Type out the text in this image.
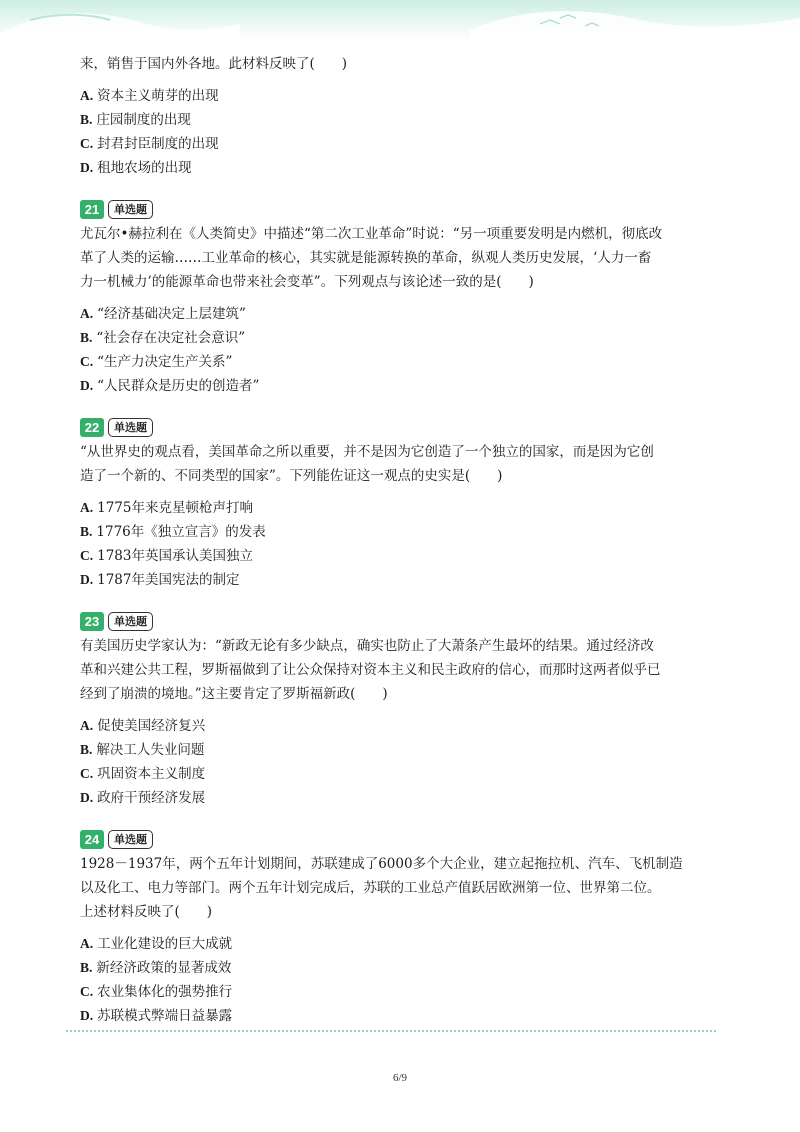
来，销售于国内外各地。此材料反映了(　　)

A. 资本主义萌芽的出现
B. 庄园制度的出现
C. 封君封臣制度的出现
D. 租地农场的出现
21	单选题

尤瓦尔•赫拉利在《人类简史》中描述“第二次工业革命”时说：“另一项重要发明是内燃机，彻底改

革了人类的运输……工业革命的核心，其实就是能源转换的革命，纵观人类历史发展，‘人力一畜

力一机械力’的能源革命也带来社会变革”。下列观点与该论述一致的是(　　)

A. “经济基础决定上层建筑”
B. “社会存在决定社会意识”
C. “生产力决定生产关系”
D. “人民群众是历史的创造者”
22	单选题

“从世界史的观点看，美国革命之所以重要，并不是因为它创造了一个独立的国家，而是因为它创

造了一个新的、不同类型的国家”。下列能佐证这一观点的史实是(　　)

A. 1775年来克星顿枪声打响
B. 1776年《独立宣言》的发表
C. 1783年英国承认美国独立
D. 1787年美国宪法的制定
23	单选题

有美国历史学家认为：“新政无论有多少缺点，确实也防止了大萧条产生最坏的结果。通过经济改

革和兴建公共工程，罗斯福做到了让公众保持对资本主义和民主政府的信心，而那时这两者似乎已

经到了崩溃的境地。”这主要肯定了罗斯福新政(　　)

A. 促使美国经济复兴
B. 解决工人失业问题
C. 巩固资本主义制度
D. 政府干预经济发展
24	单选题

1928－1937年，两个五年计划期间，苏联建成了6000多个大企业，建立起拖拉机、汽车、飞机制造

以及化工、电力等部门。两个五年计划完成后，苏联的工业总产值跃居欧洲第一位、世界第二位。

上述材料反映了(　　)

A. 工业化建设的巨大成就
B. 新经济政策的显著成效
C. 农业集体化的强势推行
D. 苏联模式弊端日益暴露
6/9
